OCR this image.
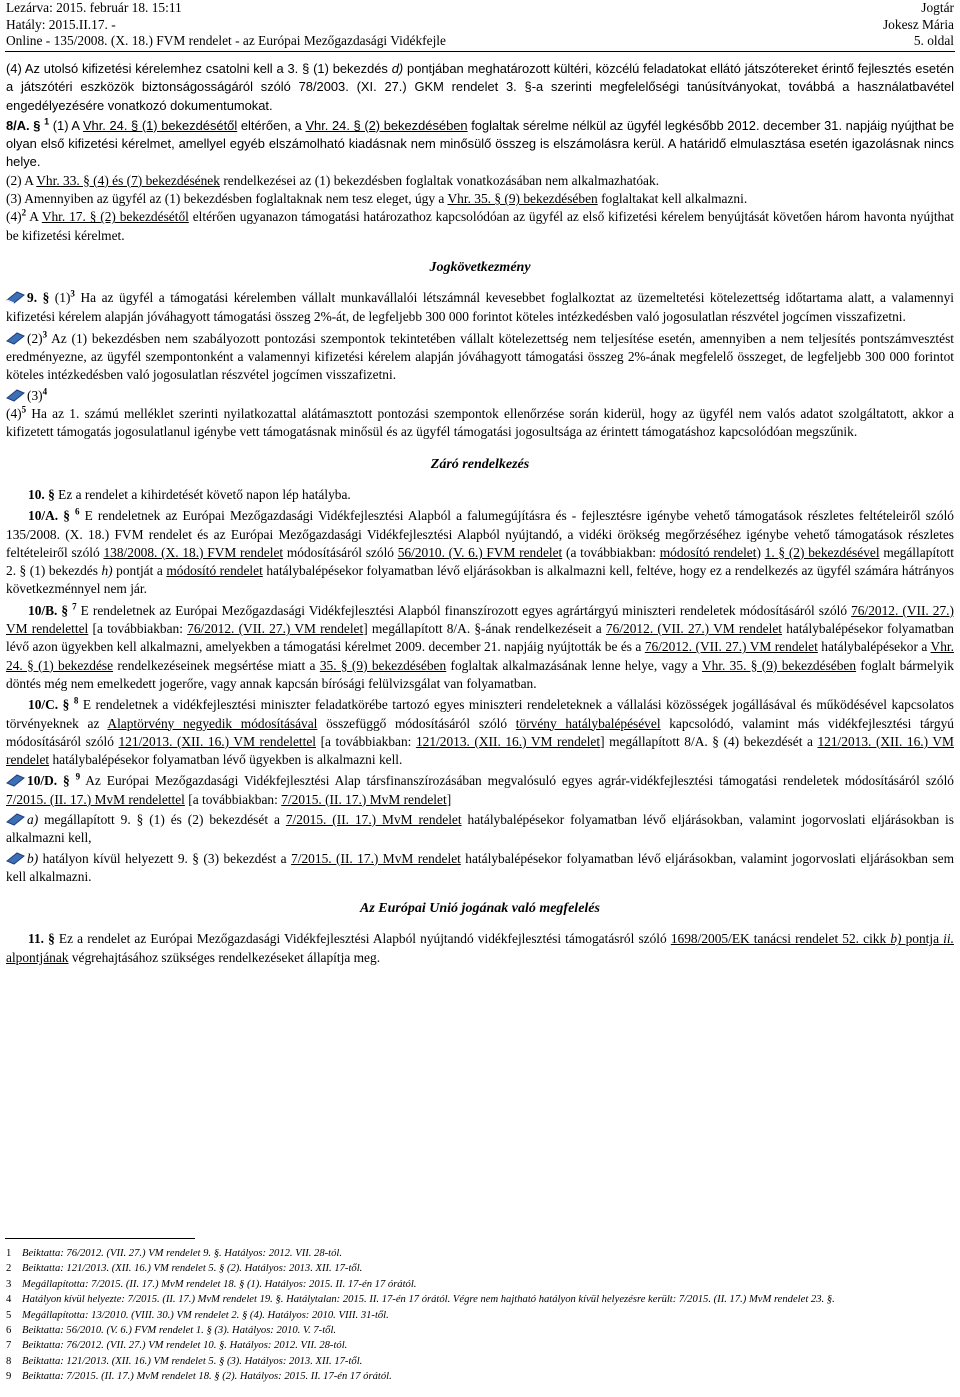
Lezárva: 2015. február 18. 15:11
Hatály: 2015.II.17. -
Online - 135/2008. (X. 18.) FVM rendelet - az Európai Mezőgazdasági Vidékfejle
Jogtár
Jokesz Mária
5. oldal

(4) Az utolsó kifizetési kérelemhez csatolni kell a 3. § (1) bekezdés d) pontjában meghatározott kültéri, közcélú feladatokat ellátó játszótereket érintő fejlesztés esetén a játszótéri eszközök biztonságosságáról szóló 78/2003. (XI. 27.) GKM rendelet 3. §-a szerinti megfelelőségi tanúsítványokat, továbbá a használatbavétel engedélyezésére vonatkozó dokumentumokat.

8/A. § $^1$ (1) A Vhr. 24. § (1) bekezdésétől eltérően, a Vhr. 24. § (2) bekezdésében foglaltak sérelme nélkül az ügyfél legkésőbb 2012. december 31. napjáig nyújthat be olyan első kifizetési kérelmet, amellyel egyéb elszámolható kiadásnak nem minősülő összeg is elszámolásra kerül. A határidő elmulasztása esetén igazolásnak nincs helye.

(2) A Vhr. 33. § (4) és (7) bekezdésének rendelkezései az (1) bekezdésben foglaltak vonatkozásában nem alkalmazhatóak.

(3) Amennyiben az ügyfél az (1) bekezdésben foglaltaknak nem tesz eleget, úgy a Vhr. 35. § (9) bekezdésében foglaltakat kell alkalmazni.

$(4)^2$ A Vhr. 17. § (2) bekezdésétől eltérően ugyanazon támogatási határozathoz kapcsolódóan az ügyfél az első kifizetési kérelem benyújtását követően három havonta nyújthat be kifizetési kérelmet.

Jogkövetkezmény

9. § $(1)^3$ Ha az ügyfél a támogatási kérelemben vállalt munkavállalói létszámnál kevesebbet foglalkoztat az üzemeltetési kötelezettség időtartama alatt, a valamennyi kifizetési kérelem alapján jóváhagyott támogatási összeg 2%-át, de legfeljebb 300 000 forintot köteles intézkedésben való jogosulatlan részvétel jogcímen visszafizetni.

$(2)^3$ Az (1) bekezdésben nem szabályozott pontozási szempontok tekintetében vállalt kötelezettség nem teljesítése esetén, amennyiben a nem teljesítés pontszámvesztést eredményezne, az ügyfél szempontonként a valamennyi kifizetési kérelem alapján jóváhagyott támogatási összeg 2%-ának megfelelő összeget, de legfeljebb 300 000 forintot köteles intézkedésben való jogosulatlan részvétel jogcímen visszafizetni.

$(3)^4$

$(4)^5$ Ha az 1. számú melléklet szerinti nyilatkozattal alátámasztott pontozási szempontok ellenőrzése során kiderül, hogy az ügyfél nem valós adatot szolgáltatott, akkor a kifizetett támogatás jogosulatlanul igénybe vett támogatásnak minősül és az ügyfél támogatási jogosultsága az érintett támogatáshoz kapcsolódóan megszűnik.

Záró rendelkezés

10. § Ez a rendelet a kihirdetését követő napon lép hatályba.

10/A. § $^6$ E rendeletnek az Európai Mezőgazdasági Vidékfejlesztési Alapból a falumegújításra és - fejlesztésre igénybe vehető támogatások részletes feltételeiről szóló 135/2008. (X. 18.) FVM rendelet és az Európai Mezőgazdasági Vidékfejlesztési Alapból nyújtandó, a vidéki örökség megőrzéséhez igénybe vehető támogatások részletes feltételeiről szóló 138/2008. (X. 18.) FVM rendelet módosításáról szóló 56/2010. (V. 6.) FVM rendelet (a továbbiakban: módosító rendelet) 1. § (2) bekezdésével megállapított 2. § (1) bekezdés h) pontját a módosító rendelet hatálybalépésekor folyamatban lévő eljárásokban is alkalmazni kell, feltéve, hogy ez a rendelkezés az ügyfél számára hátrányos következménnyel nem jár.

10/B. § $^7$ E rendeletnek az Európai Mezőgazdasági Vidékfejlesztési Alapból finanszírozott egyes agrártárgyú miniszteri rendeletek módosításáról szóló 76/2012. (VII. 27.) VM rendelettel [a továbbiakban: 76/2012. (VII. 27.) VM rendelet] megállapított 8/A. §-ának rendelkezéseit a 76/2012. (VII. 27.) VM rendelet hatálybalépésekor folyamatban lévő azon ügyekben kell alkalmazni, amelyekben a támogatási kérelmet 2009. december 21. napjáig nyújtották be és a 76/2012. (VII. 27.) VM rendelet hatálybalépésekor a Vhr. 24. § (1) bekezdése rendelkezéseinek megsértése miatt a 35. § (9) bekezdésében foglaltak alkalmazásának lenne helye, vagy a Vhr. 35. § (9) bekezdésében foglalt bármelyik döntés még nem emelkedett jogerőre, vagy annak kapcsán bírósági felülvizsgálat van folyamatban.

10/C. § $^8$ E rendeletnek a vidékfejlesztési miniszter feladatkörébe tartozó egyes miniszteri rendeleteknek a vállalási közösségek jogállásával és működésével kapcsolatos törvényeknek az Alaptörvény negyedik módosításával összefüggő módosításáról szóló törvény hatálybalépésével kapcsolódó, valamint más vidékfejlesztési tárgyú módosításáról szóló 121/2013. (XII. 16.) VM rendelettel [a továbbiakban: 121/2013. (XII. 16.) VM rendelet] megállapított 8/A. § (4) bekezdését a 121/2013. (XII. 16.) VM rendelet hatálybalépésekor folyamatban lévő ügyekben is alkalmazni kell.

10/D. § $^9$ Az Európai Mezőgazdasági Vidékfejlesztési Alap társfinanszírozásában megvalósuló egyes agrár-vidékfejlesztési támogatási rendeletek módosításáról szóló 7/2015. (II. 17.) MvM rendelettel [a továbbiakban: 7/2015. (II. 17.) MvM rendelet]

a) megállapított 9. § (1) és (2) bekezdését a 7/2015. (II. 17.) MvM rendelet hatálybalépésekor folyamatban lévő eljárásokban, valamint jogorvoslati eljárásokban is alkalmazni kell,

b) hatályon kívül helyezett 9. § (3) bekezdést a 7/2015. (II. 17.) MvM rendelet hatálybalépésekor folyamatban lévő eljárásokban, valamint jogorvoslati eljárásokban sem kell alkalmazni.

Az Európai Unió jogának való megfelelés

11. § Ez a rendelet az Európai Mezőgazdasági Vidékfejlesztési Alapból nyújtandó vidékfejlesztési támogatásról szóló 1698/2005/EK tanácsi rendelet 52. cikk b) pontja ii. alpontjának végrehajtásához szükséges rendelkezéseket állapítja meg.

1 Beiktatta: 76/2012. (VII. 27.) VM rendelet 9. §. Hatályos: 2012. VII. 28-tól.
2 Beiktatta: 121/2013. (XII. 16.) VM rendelet 5. § (2). Hatályos: 2013. XII. 17-től.
3 Megállapította: 7/2015. (II. 17.) MvM rendelet 18. § (1). Hatályos: 2015. II. 17-én 17 órától.
4 Hatályon kívül helyezte: 7/2015. (II. 17.) MvM rendelet 19. §. Hatálytalan: 2015. II. 17-én 17 órától. Végre nem hajtható hatályon kívül helyezésre került: 7/2015. (II. 17.) MvM rendelet 23. §.
5 Megállapította: 13/2010. (VIII. 30.) VM rendelet 2. § (4). Hatályos: 2010. VIII. 31-től.
6 Beiktatta: 56/2010. (V. 6.) FVM rendelet 1. § (3). Hatályos: 2010. V. 7-től.
7 Beiktatta: 76/2012. (VII. 27.) VM rendelet 10. §. Hatályos: 2012. VII. 28-tól.
8 Beiktatta: 121/2013. (XII. 16.) VM rendelet 5. § (3). Hatályos: 2013. XII. 17-től.
9 Beiktatta: 7/2015. (II. 17.) MvM rendelet 18. § (2). Hatályos: 2015. II. 17-én 17 órától.
